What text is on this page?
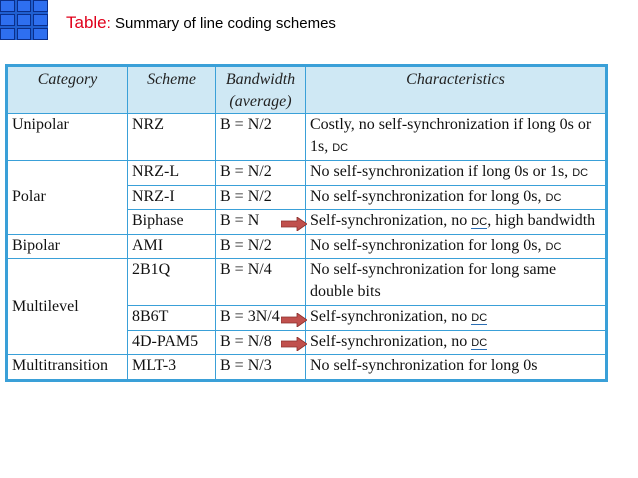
Table: Summary of line coding schemes
Category	Scheme	Bandwidth (average)	Characteristics
Unipolar	NRZ	B = N/2	Costly, no self-synchronization if long 0s or 1s, DC
Polar	NRZ-L	B = N/2	No self-synchronization if long 0s or 1s, DC
	NRZ-I	B = N/2	No self-synchronization for long 0s, DC
	Biphase	B = N	Self-synchronization, no DC, high bandwidth
Bipolar	AMI	B = N/2	No self-synchronization for long 0s, DC
Multilevel	2B1Q	B = N/4	No self-synchronization for long same double bits
	8B6T	B = 3N/4	Self-synchronization, no DC
	4D-PAM5	B = N/8	Self-synchronization, no DC
Multitransition	MLT-3	B = N/3	No self-synchronization for long 0s
